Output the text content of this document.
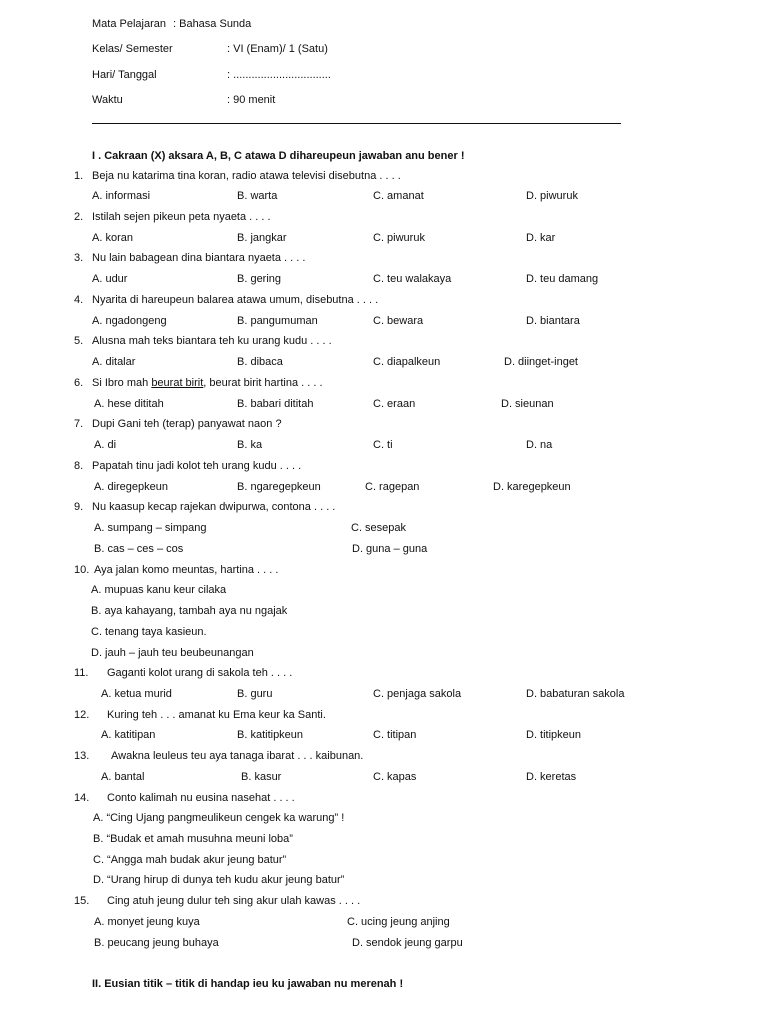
Mata Pelajaran : Bahasa Sunda
Kelas/ Semester	: VI (Enam)/ 1 (Satu)
Hari/ Tanggal	: ................................
Waktu	: 90 menit
I . Cakraan (X) aksara A, B, C atawa D dihareupeun jawaban anu bener !
1. Beja nu katarima tina koran, radio atawa televisi disebutna . . . .
A. informasi	B. warta	C. amanat	D. piwuruk
2. Istilah sejen pikeun peta nyaeta . . . .
A. koran	B. jangkar	C. piwuruk	D. kar
3. Nu lain babagean dina biantara nyaeta . . . .
A. udur	B. gering	C. teu walakaya	D. teu damang
4. Nyarita di hareupeun balarea atawa umum, disebutna . . . .
A. ngadongeng	B. pangumuman	C. bewara	D. biantara
5. Alusna mah teks biantara teh ku urang kudu . . . .
A. ditalar	B. dibaca	C. diapalkeun	D. diinget-inget
6. Si Ibro mah beurat birit, beurat birit hartina . . . .
A. hese dititah	B. babari dititah	C. eraan	D. sieunan
7. Dupi Gani teh (terap) panyawat naon ?
A. di	B. ka	C. ti	D. na
8. Papatah tinu jadi kolot teh urang kudu . . . .
A. diregepkeun	B. ngaregepkeun	C. ragepan	D. karegepkeun
9. Nu kaasup kecap rajekan dwipurwa, contona . . . .
A. sumpang – simpang	C. sesepak
B. cas – ces – cos	D. guna – guna
10. Aya jalan komo meuntas, hartina . . . .
A. mupuas kanu keur cilaka
B. aya kahayang, tambah aya nu ngajak
C. tenang taya kasieun.
D. jauh – jauh teu beubeunangan
11. Gaganti kolot urang di sakola teh . . . .
A. ketua murid	B. guru	C. penjaga sakola	D. babaturan sakola
12. Kuring teh . . . amanat ku Ema keur ka Santi.
A. katitipan	B. katitipkeun	C. titipan	D. titipkeun
13. Awakna leuleus teu aya tanaga ibarat . . . kaibunan.
A. bantal	B. kasur	C. kapas	D. keretas
14. Conto kalimah nu eusina nasehat . . . .
A. “Cing Ujang pangmeulikeun cengek ka warung” !
B. “Budak et amah musuhna meuni loba”
C. “Angga mah budak akur jeung batur”
D. “Urang hirup di dunya teh kudu akur jeung batur”
15. Cing atuh jeung dulur teh sing akur ulah kawas . . . .
A. monyet jeung kuya	C. ucing jeung anjing
B. peucang jeung buhaya	D. sendok jeung garpu
II. Eusian titik – titik di handap ieu ku jawaban nu merenah !
